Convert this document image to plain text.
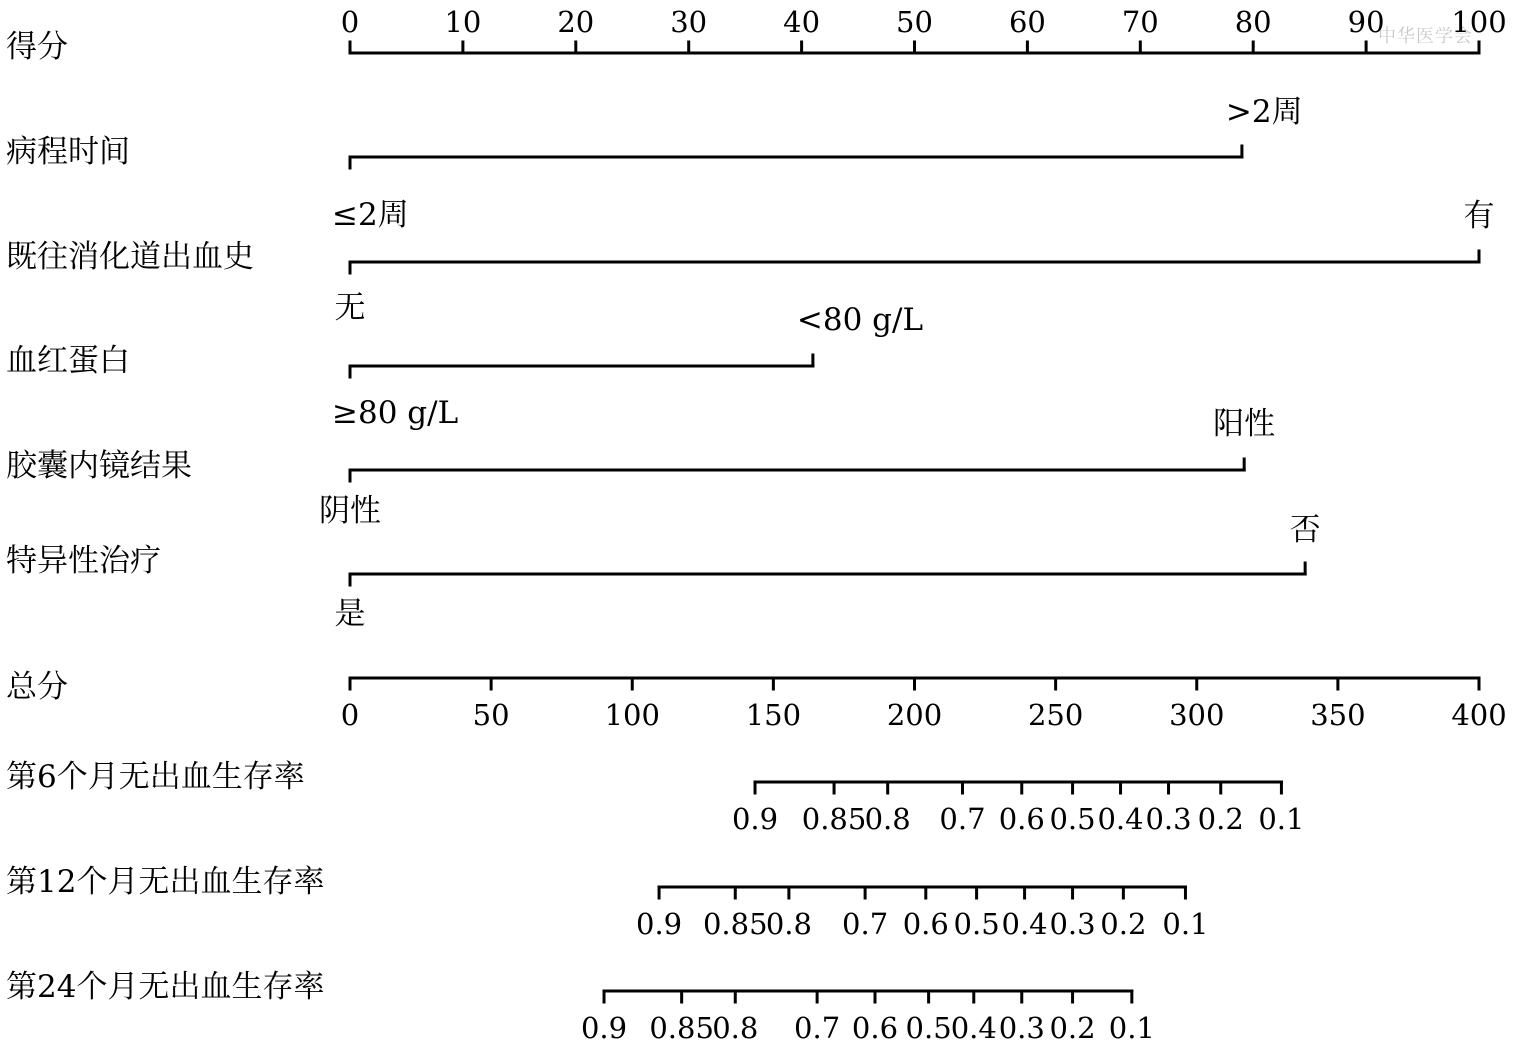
中华医学会
得分
病程时间
既往消化道出血史
血红蛋白
胶囊内镜结果
特异性治疗
总分
第6个月无出血生存率
第12个月无出血生存率
第24个月无出血生存率
0	10	20	30	40	50	60	70	80	90 100
≤2周
>2周
无
有
≥80 g/L
<80 g/L
阴性
阳性
是
否
0	50	100	150	200	250	300	350	400
0.9 0.85
0.8 0.7 0.6 0.5 0.4 0.3 0.2 0.1
0.9 0.85
0.8 0.7 0.6 0.5 0.4 0.3 0.2 0.1
0.9 0.85
0.8 0.7 0.6 0.5 0.4 0.3 0.2 0.1
